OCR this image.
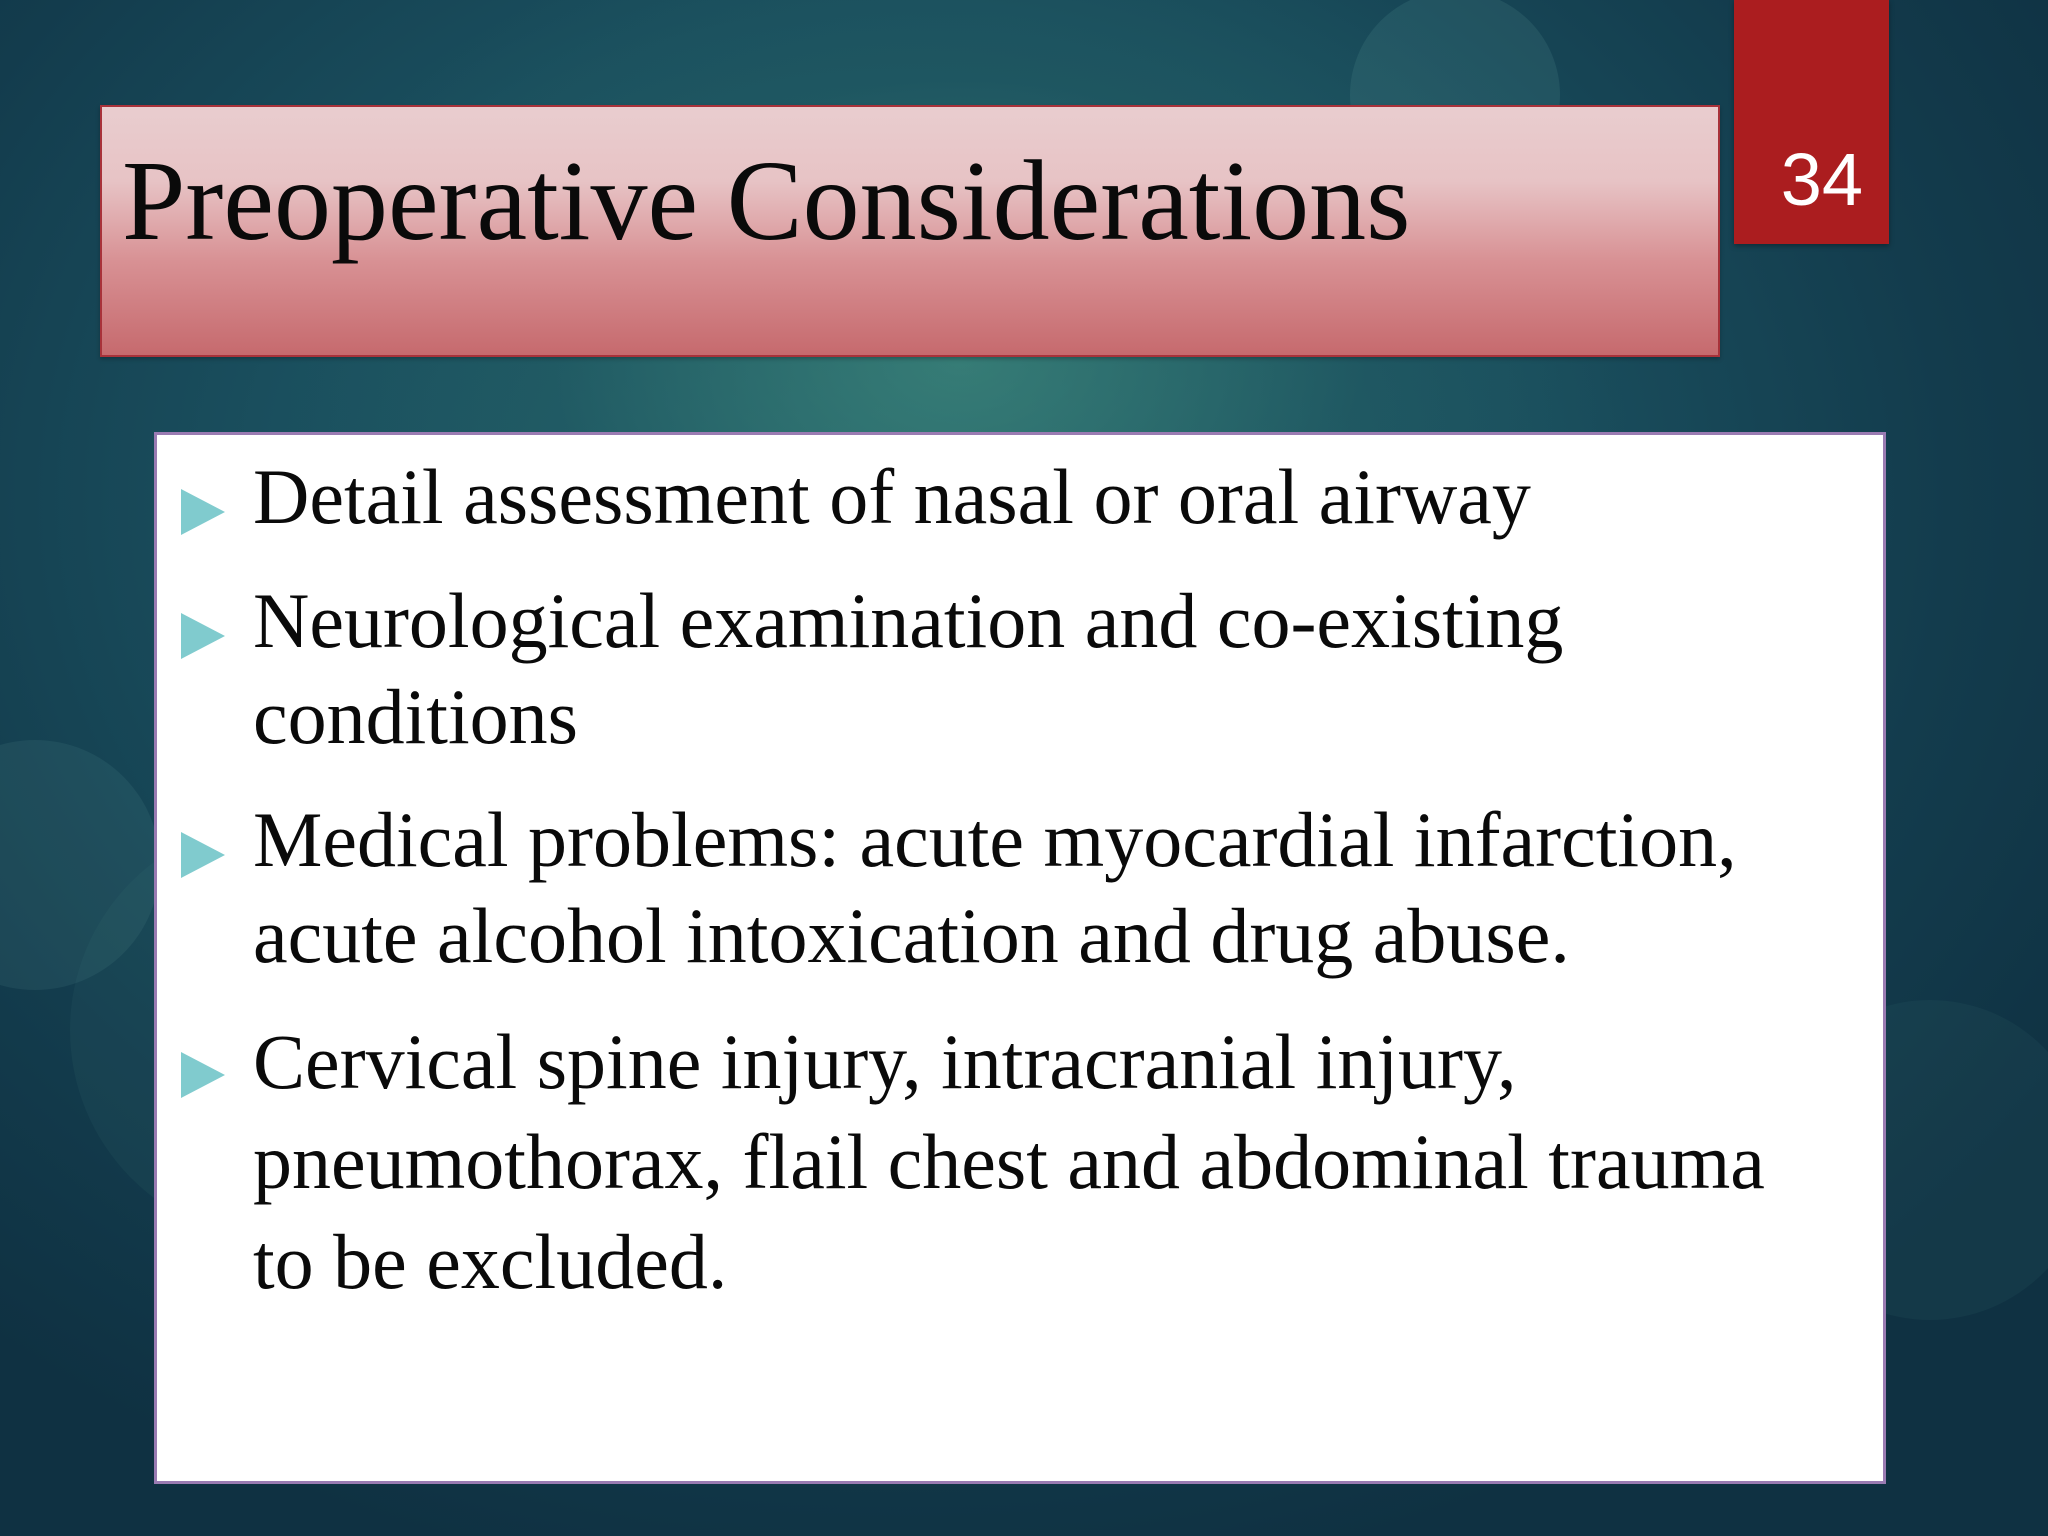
Preoperative Considerations	34
Detail assessment of nasal or oral airway
Neurological examination and co-existing conditions
Medical problems: acute myocardial infarction, acute alcohol intoxication and drug abuse.
Cervical spine injury, intracranial injury, pneumothorax, flail chest and abdominal trauma to be excluded.
